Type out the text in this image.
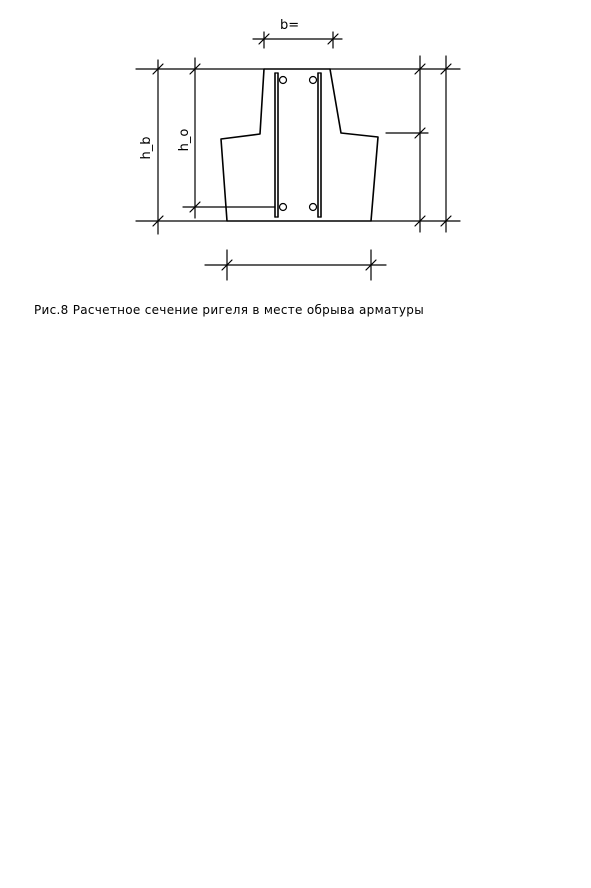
b=
h_b h_o
Рис.8 Расчетное сечение ригеля в месте обрыва арматуры
